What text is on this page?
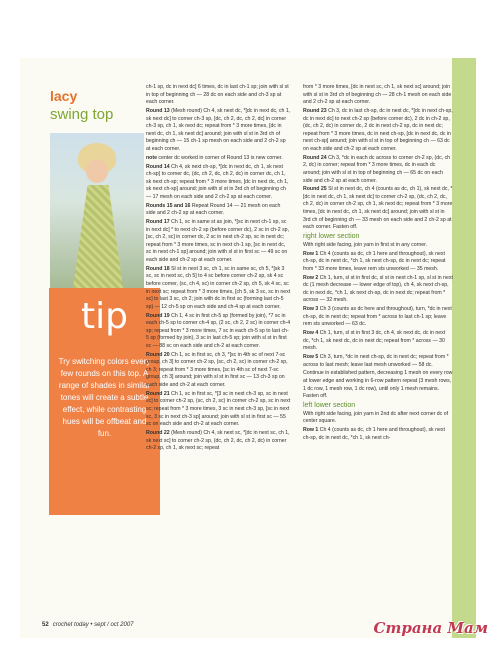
lacy
swing top
tip
Try switching colors every few rounds on this top. A range of shades in similar tones will create a subtle effect, while contrasting hues will be offbeat and fun.

ch-1 sp, dc in next dc] 6 times, dc in last ch-1 sp; join with sl st in top of beginning ch — 28 dc on each side and ch-3 sp at each corner.

Round 13 (Mesh round) Ch 4, sk next dc, *[dc in next dc, ch 1, sk next dc] to corner ch-3 sp, [dc, ch 2, dc, ch 2, dc] in corner ch-3 sp, ch 1, sk next dc; repeat from * 3 more times, [dc in next dc, ch 1, sk next dc] around; join with sl st in 3rd ch of beginning ch — 15 ch-1 sp mesh on each side and 2 ch-2 sp at each corner.

note center dc worked in corner of Round 13 is new corner.

Round 14 Ch 4, sk next ch-sp, *[dc in next dc, ch 1, sk next ch-sp] to corner dc, (dc, ch 2, dc, ch 2, dc) in corner dc, ch 1, sk next ch-sp; repeat from * 3 more times, [dc in next dc, ch 1, sk next ch-sp] around; join with sl st in 3rd ch of beginning ch — 17 mesh on each side and 2 ch-2 sp at each corner.

Rounds 15 and 16 Repeat Round 14 — 21 mesh on each side and 2 ch-2 sp at each corner.

Round 17 Ch 1, sc in same st as join, *[sc in next ch-1 sp, sc in next dc] * to next ch-2 sp (before corner dc), 2 sc in ch-2 sp, [sc, ch 2, sc] in corner dc, 2 sc in next ch-2 sp, sc in next dc; repeat from * 3 more times, sc in next ch-1 sp, [sc in next dc, sc in next ch-1 sp] around; join with sl st in first sc — 49 sc on each side and ch-2 sp at each corner.

Round 18 Sl st in next 3 sc, ch 1, sc in same sc, ch 5, *[sk 3 sc, sc in next sc, ch 5] to 4 sc before corner ch-2 sp, sk 4 sc before corner, (sc, ch 4, sc) in corner ch-2 sp, ch 5, sk 4 sc, sc in next sc; repeat from * 3 more times, [ch 5, sk 3 sc, sc in next sc] to last 3 sc, ch 2; join with dc in first sc (forming last ch-5 sp) — 12 ch-5 sp on each side and ch-4 sp at each corner.

Round 19 Ch 1, 4 sc in first ch-5 sp (formed by join), *7 sc in each ch-5 sp to corner ch-4 sp, (2 sc, ch 2, 2 sc) in corner ch-4 sp; repeat from * 3 more times, 7 sc in each ch-5 sp to last ch-5 sp (formed by join), 3 sc in last ch-5 sp; join with sl st in first sc — 88 sc on each side and ch-2 at each corner.

Round 20 Ch 1, sc in first sc, ch 3, *[sc in 4th sc of next 7-sc group, ch 3] to corner ch-2 sp, (sc, ch 2, sc) in corner ch-2 sp, ch 3; repeat from * 3 more times, [sc in 4th sc of next 7-sc group, ch 3] around; join with sl st in first sc — 13 ch-3 sp on each side and ch-2 at each corner.

Round 21 Ch 1, sc in first sc, *[3 sc in next ch-3 sp, sc in next sc] to corner ch-2 sp, (sc, ch 2, sc) in corner ch-2 sp, sc in next sc; repeat from * 3 more times, 3 sc in next ch-3 sp, [sc in next sc, 3 sc in next ch-3 sp] around; join with sl st in first sc — 55 sc on each side and ch-2 at each corner.

Round 22 (Mesh round) Ch 4, sk next sc, *[dc in next sc, ch 1, sk next sc] to corner ch-2 sp, (dc, ch 2, dc, ch 2, dc) in corner ch-2 sp, ch 1, sk next sc; repeat

from * 3 more times, [dc in next sc, ch 1, sk next sc] around; join with sl st in 3rd ch of beginning ch — 28 ch-1 mesh on each side and 2 ch-2 sp at each corner.

Round 23 Ch 3, dc in last ch-sp, dc in next dc, *[dc in next ch-sp, dc in next dc] to next ch-2 sp (before corner dc), 2 dc in ch-2 sp, (dc, ch 2, dc) in corner dc, 2 dc in next ch-2 sp, dc in next dc; repeat from * 3 more times, dc in next ch-sp, [dc in next dc, dc in next ch-sp] around; join with sl st in top of beginning ch — 63 dc on each side and ch-2 sp at each corner.

Round 24 Ch 3, *dc in each dc across to corner ch-2 sp, (dc, ch 2, dc) in corner; repeat from * 3 more times, dc in each dc around; join with sl st in top of beginning ch — 65 dc on each side and ch-2 sp at each corner.

Round 25 Sl st in next dc, ch 4 (counts as dc, ch 1), sk next dc, *[dc in next dc, ch 1, sk next dc] to corner ch-2 sp, (dc, ch 2, dc, ch 2, dc) in corner ch-2 sp, ch 1, sk next dc; repeat from * 3 more times, [dc in next dc, ch 1, sk next dc] around; join with sl st in 3rd ch of beginning ch — 33 mesh on each side and 2 ch-2 sp at each corner. Fasten off.

right lower section

With right side facing, join yarn in first st in any corner.

Row 1 Ch 4 (counts as dc, ch 1 here and throughout), sk next ch-sp, dc in next dc, *ch 1, sk next ch-sp, dc in next dc; repeat from * 33 more times, leave rem sts unworked — 35 mesh.

Row 2 Ch 1, turn, sl st in first dc, sl st in next ch-1 sp, sl st in next dc (1 mesh decrease — lower edge of top), ch 4, sk next ch-sp, dc in next dc, *ch 1, sk next ch-sp, dc in next dc; repeat from * across — 32 mesh.

Row 3 Ch 3 (counts as dc here and throughout), turn, *dc in next ch-sp, dc in next dc; repeat from * across to last ch-1 sp; leave rem sts unworked — 63 dc.

Row 4 Ch 1, turn, sl st in first 3 dc, ch 4, sk next dc, dc in next dc, *ch 1, sk next dc, dc in next dc; repeat from * across — 30 mesh.

Row 5 Ch 3, turn, *dc in next ch-sp, dc in next dc; repeat from * across to last mesh; leave last mesh unworked — 58 dc.

Continue in established pattern, decreasing 1 mesh on every row at lower edge and working in 6-row pattern repeat (3 mesh rows, 1 dc row, 1 mesh row, 1 dc row), until only 1 mesh remains. Fasten off.

left lower section

With right side facing, join yarn in 2nd dc after next corner dc of center square.

Row 1 Ch 4 (counts as dc, ch 1 here and throughout), sk next ch-sp, dc in next dc, *ch 1, sk next ch-

52 crochet today • sept / oct 2007	Страна Мам
